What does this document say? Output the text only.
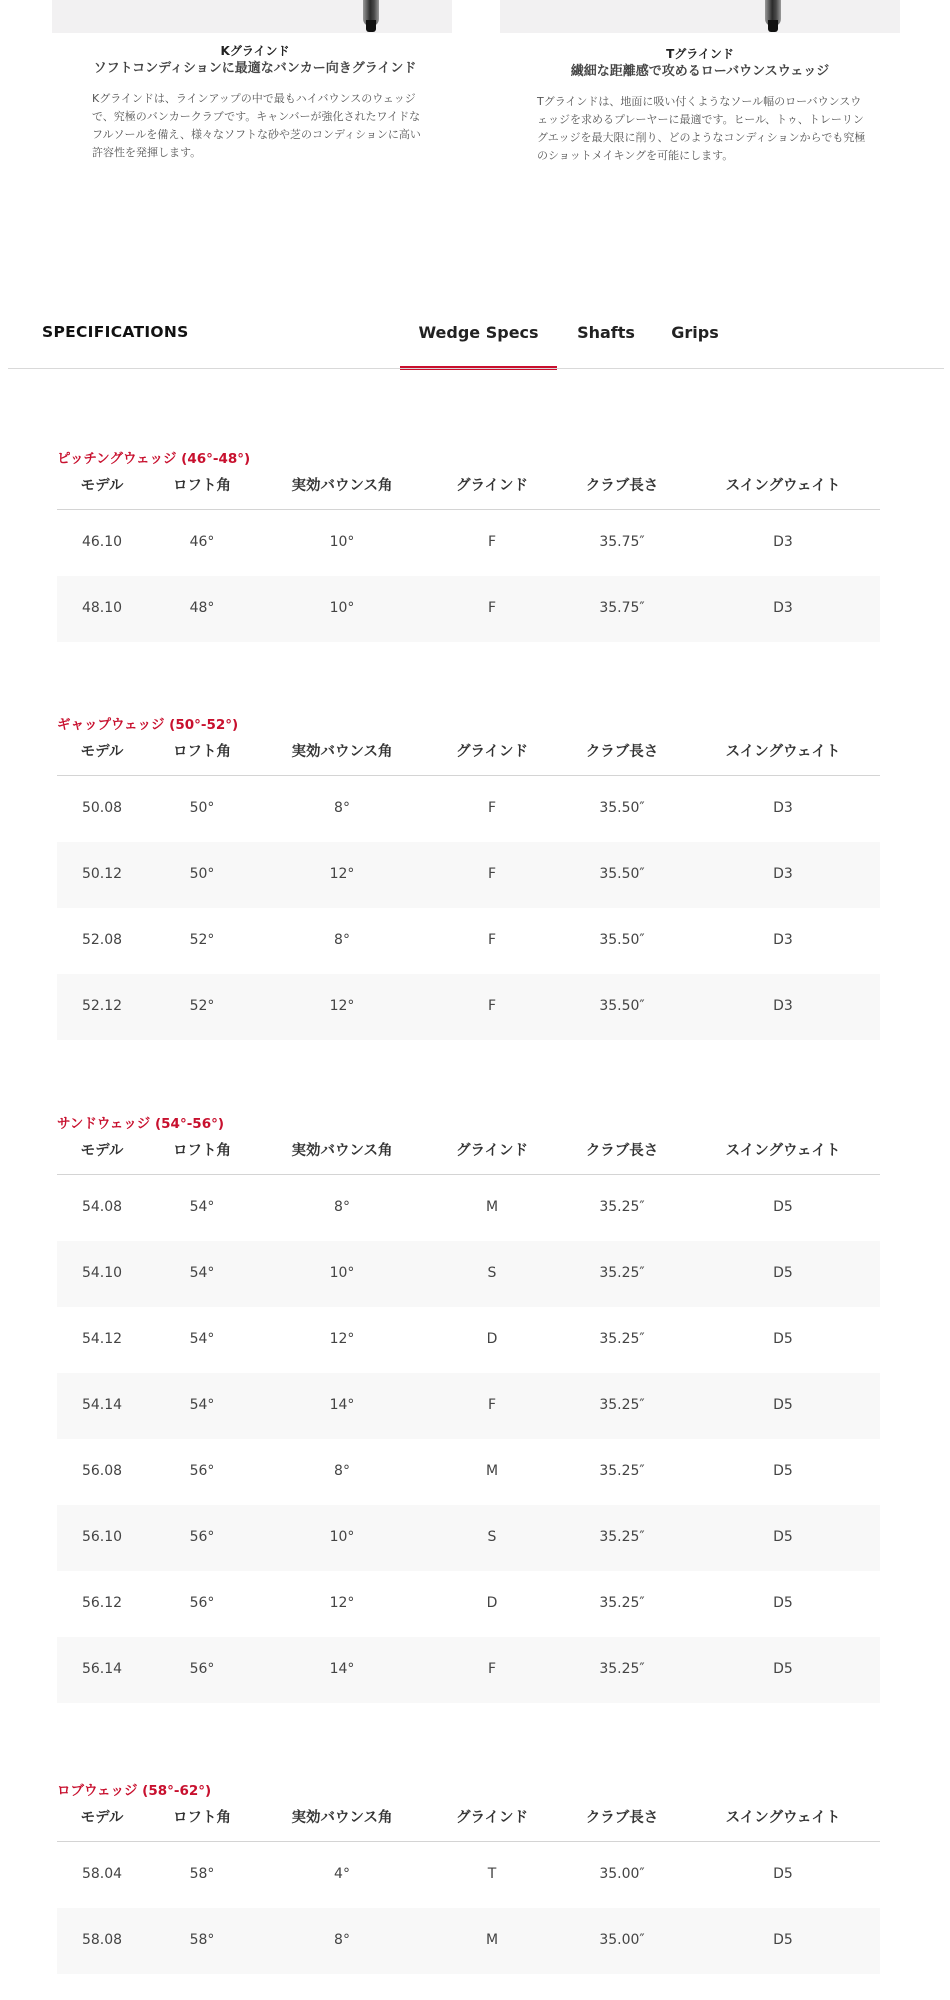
Kグラインド
ソフトコンディションに最適なバンカー向きグラインド
Kグラインドは、ラインアップの中で最もハイバウンスのウェッジ
で、究極のバンカークラブです。キャンバーが強化されたワイドな
フルソールを備え、様々なソフトな砂や芝のコンディションに高い
許容性を発揮します。
Tグラインド
繊細な距離感で攻めるローバウンスウェッジ
Tグラインドは、地面に吸い付くようなソール幅のローバウンスウ
ェッジを求めるプレーヤーに最適です。ヒール、トゥ、トレーリン
グエッジを最大限に削り、どのようなコンディションからでも究極
のショットメイキングを可能にします。
SPECIFICATIONS	Wedge Specs	Shafts	Grips
ピッチングウェッジ (46°-48°)
モデル	ロフト角	実効バウンス角	グラインド	クラブ長さ	スイングウェイト
46.10	46°	10°	F	35.75″	D3
48.10	48°	10°	F	35.75″	D3
ギャップウェッジ (50°-52°)
モデル	ロフト角	実効バウンス角	グラインド	クラブ長さ	スイングウェイト
50.08	50°	8°	F	35.50″	D3
50.12	50°	12°	F	35.50″	D3
52.08	52°	8°	F	35.50″	D3
52.12	52°	12°	F	35.50″	D3
サンドウェッジ (54°-56°)
モデル	ロフト角	実効バウンス角	グラインド	クラブ長さ	スイングウェイト
54.08	54°	8°	M	35.25″	D5
54.10	54°	10°	S	35.25″	D5
54.12	54°	12°	D	35.25″	D5
54.14	54°	14°	F	35.25″	D5
56.08	56°	8°	M	35.25″	D5
56.10	56°	10°	S	35.25″	D5
56.12	56°	12°	D	35.25″	D5
56.14	56°	14°	F	35.25″	D5
ロブウェッジ (58°-62°)
モデル	ロフト角	実効バウンス角	グラインド	クラブ長さ	スイングウェイト
58.04	58°	4°	T	35.00″	D5
58.08	58°	8°	M	35.00″	D5
